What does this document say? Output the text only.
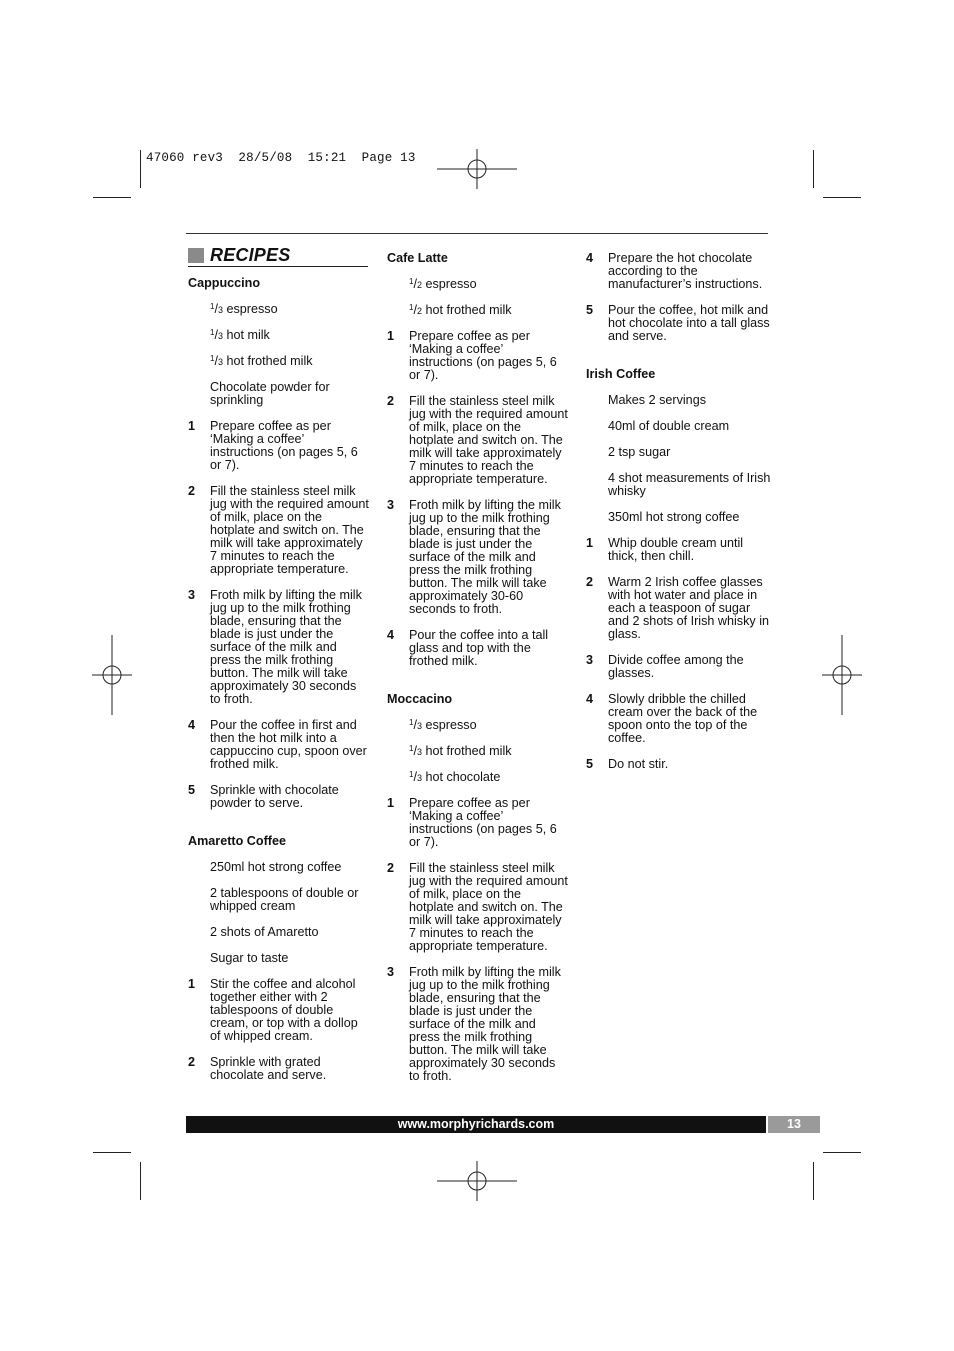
47060 rev3  28/5/08  15:21  Page 13
RECIPES
Cappuccino
$^1$/3 espresso
$^1$/3 hot milk
$^1$/3 hot frothed milk
Chocolate powder for sprinkling
1 Prepare coffee as per ‘Making a coffee’ instructions (on pages 5, 6 or 7).
2 Fill the stainless steel milk jug with the required amount of milk, place on the hotplate and switch on. The milk will take approximately 7 minutes to reach the appropriate temperature.
3 Froth milk by lifting the milk jug up to the milk frothing blade, ensuring that the blade is just under the surface of the milk and press the milk frothing button. The milk will take approximately 30 seconds to froth.
4 Pour the coffee in first and then the hot milk into a cappuccino cup, spoon over frothed milk.
5 Sprinkle with chocolate powder to serve.
Amaretto Coffee
250ml hot strong coffee
2 tablespoons of double or whipped cream
2 shots of Amaretto
Sugar to taste
1 Stir the coffee and alcohol together either with 2 tablespoons of double cream, or top with a dollop of whipped cream.
2 Sprinkle with grated chocolate and serve.
Cafe Latte
$^1$/2 espresso
$^1$/2 hot frothed milk
1 Prepare coffee as per ‘Making a coffee’ instructions (on pages 5, 6 or 7).
2 Fill the stainless steel milk jug with the required amount of milk, place on the hotplate and switch on. The milk will take approximately 7 minutes to reach the appropriate temperature.
3 Froth milk by lifting the milk jug up to the milk frothing blade, ensuring that the blade is just under the surface of the milk and press the milk frothing button. The milk will take approximately 30-60 seconds to froth.
4 Pour the coffee into a tall glass and top with the frothed milk.
Moccacino
$^1$/3 espresso
$^1$/3 hot frothed milk
$^1$/3 hot chocolate
1 Prepare coffee as per ‘Making a coffee’ instructions (on pages 5, 6 or 7).
2 Fill the stainless steel milk jug with the required amount of milk, place on the hotplate and switch on. The milk will take approximately 7 minutes to reach the appropriate temperature.
3 Froth milk by lifting the milk jug up to the milk frothing blade, ensuring that the blade is just under the surface of the milk and press the milk frothing button. The milk will take approximately 30 seconds to froth.
4 Prepare the hot chocolate according to the manufacturer’s instructions.
5 Pour the coffee, hot milk and hot chocolate into a tall glass and serve.
Irish Coffee
Makes 2 servings
40ml of double cream
2 tsp sugar
4 shot measurements of Irish whisky
350ml hot strong coffee
1 Whip double cream until thick, then chill.
2 Warm 2 Irish coffee glasses with hot water and place in each a teaspoon of sugar and 2 shots of Irish whisky in glass.
3 Divide coffee among the glasses.
4 Slowly dribble the chilled cream over the back of the spoon onto the top of the coffee.
5 Do not stir.
www.morphyrichards.com	13
